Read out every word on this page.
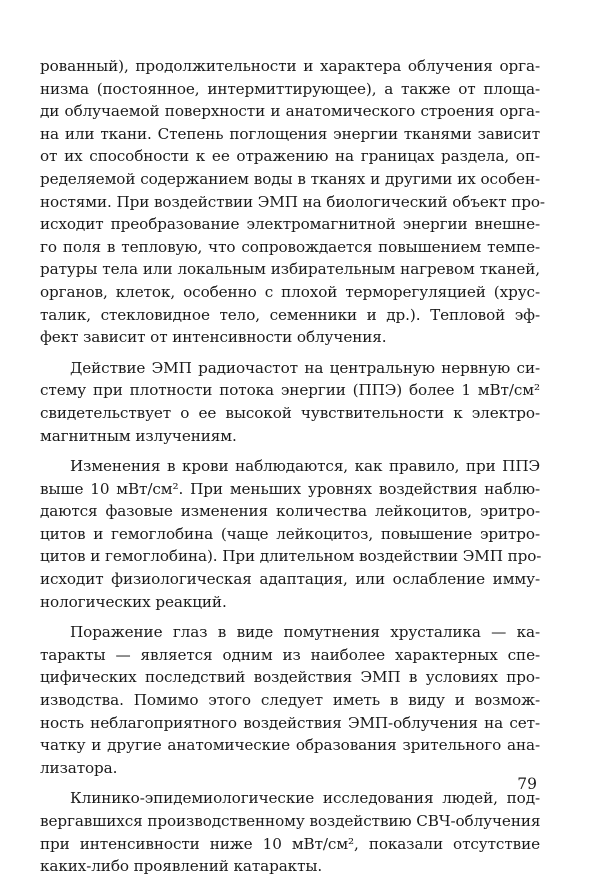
рованный), продолжительности и характера облучения орга-
низма (постоянное, интермиттирующее), а также от площа-
ди облучаемой поверхности и анатомического строения орга-
на или ткани. Степень поглощения энергии тканями зависит
от их способности к ее отражению на границах раздела, оп-
ределяемой содержанием воды в тканях и другими их особен-
ностями. При воздействии ЭМП на биологический объект про-
исходит преобразование электромагнитной энергии внешне-
го поля в тепловую, что сопровождается повышением темпе-
ратуры тела или локальным избирательным нагревом тканей,
органов, клеток, особенно с плохой терморегуляцией (хрус-
талик, стекловидное тело, семенники и др.). Тепловой эф-
фект зависит от интенсивности облучения.
Действие ЭМП радиочастот на центральную нервную си-
стему при плотности потока энергии (ППЭ) более 1 мВт/см²
свидетельствует о ее высокой чувствительности к электро-
магнитным излучениям.
Изменения в крови наблюдаются, как правило, при ППЭ
выше 10 мВт/см². При меньших уровнях воздействия наблю-
даются фазовые изменения количества лейкоцитов, эритро-
цитов и гемоглобина (чаще лейкоцитоз, повышение эритро-
цитов и гемоглобина). При длительном воздействии ЭМП про-
исходит физиологическая адаптация, или ослабление имму-
нологических реакций.
Поражение глаз в виде помутнения хрусталика — ка-
таракты — является одним из наиболее характерных спе-
цифических последствий воздействия ЭМП в условиях про-
изводства. Помимо этого следует иметь в виду и возмож-
ность неблагоприятного воздействия ЭМП-облучения на сет-
чатку и другие анатомические образования зрительного ана-
лизатора.
Клинико-эпидемиологические исследования людей, под-
вергавшихся производственному воздействию СВЧ-облучения
при интенсивности ниже 10 мВт/см², показали отсутствие
каких-либо проявлений катаракты.
79
